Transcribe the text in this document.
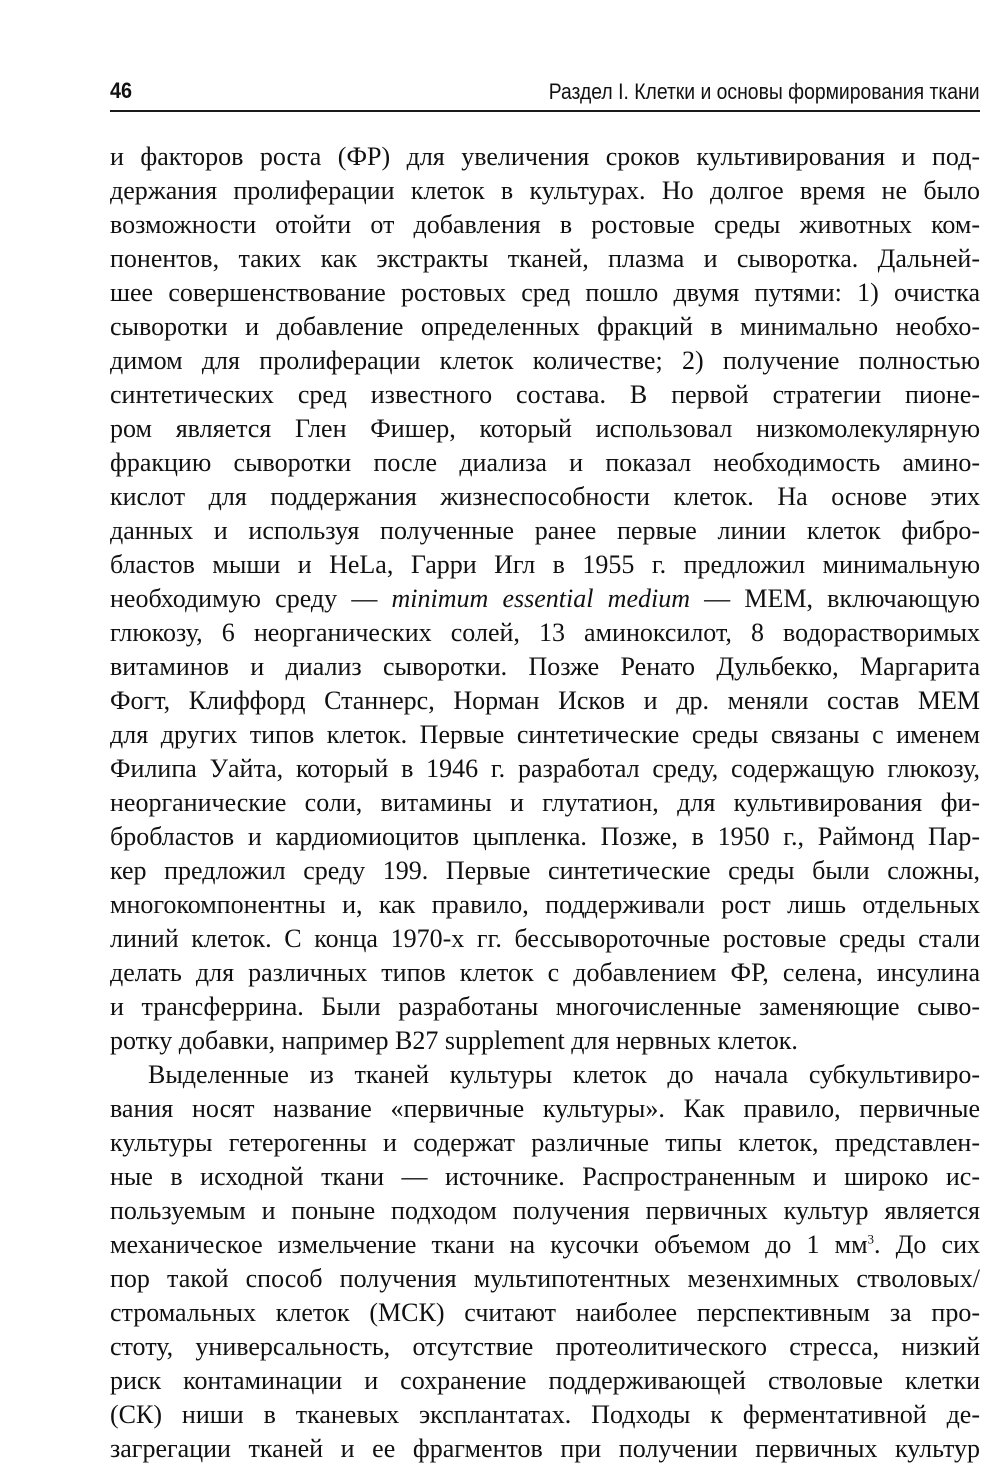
46	Раздел I. Клетки и основы формирования ткани
и факторов роста (ФР) для увеличения сроков культивирования и под-
держания пролиферации клеток в культурах. Но долгое время не было
возможности отойти от добавления в ростовые среды животных ком-
понентов, таких как экстракты тканей, плазма и сыворотка. Дальней-
шее совершенствование ростовых сред пошло двумя путями: 1) очистка
сыворотки и добавление определенных фракций в минимально необхо-
димом для пролиферации клеток количестве; 2) получение полностью
синтетических сред известного состава. В первой стратегии пионе-
ром является Глен Фишер, который использовал низкомолекулярную
фракцию сыворотки после диализа и показал необходимость амино-
кислот для поддержания жизнеспособности клеток. На основе этих
данных и используя полученные ранее первые линии клеток фибро-
бластов мыши и HeLa, Гарри Игл в 1955 г. предложил минимальную
необходимую среду — minimum essential medium — MEM, включающую
глюкозу, 6 неорганических солей, 13 аминоксилот, 8 водорастворимых
витаминов и диализ сыворотки. Позже Ренато Дульбекко, Маргарита
Фогт, Клиффорд Станнерс, Норман Исков и др. меняли состав MEM
для других типов клеток. Первые синтетические среды связаны с именем
Филипа Уайта, который в 1946 г. разработал среду, содержащую глюкозу,
неорганические соли, витамины и глутатион, для культивирования фи-
бробластов и кардиомиоцитов цыпленка. Позже, в 1950 г., Раймонд Пар-
кер предложил среду 199. Первые синтетические среды были сложны,
многокомпонентны и, как правило, поддерживали рост лишь отдельных
линий клеток. С конца 1970-х гг. бессывороточные ростовые среды стали
делать для различных типов клеток с добавлением ФР, селена, инсулина
и трансферрина. Были разработаны многочисленные заменяющие сыво-
ротку добавки, например B27 supplement для нервных клеток.
Выделенные из тканей культуры клеток до начала субкультивиро-
вания носят название «первичные культуры». Как правило, первичные
культуры гетерогенны и содержат различные типы клеток, представлен-
ные в исходной ткани — источнике. Распространенным и широко ис-
пользуемым и поныне подходом получения первичных культур является
механическое измельчение ткани на кусочки объемом до 1 $мм^3$. До сих
пор такой способ получения мультипотентных мезенхимных стволовых/
стромальных клеток (МСК) считают наиболее перспективным за про-
стоту, универсальность, отсутствие протеолитического стресса, низкий
риск контаминации и сохранение поддерживающей стволовые клетки
(СК) ниши в тканевых эксплантатах. Подходы к ферментативной де-
загрегации тканей и ее фрагментов при получении первичных культур
